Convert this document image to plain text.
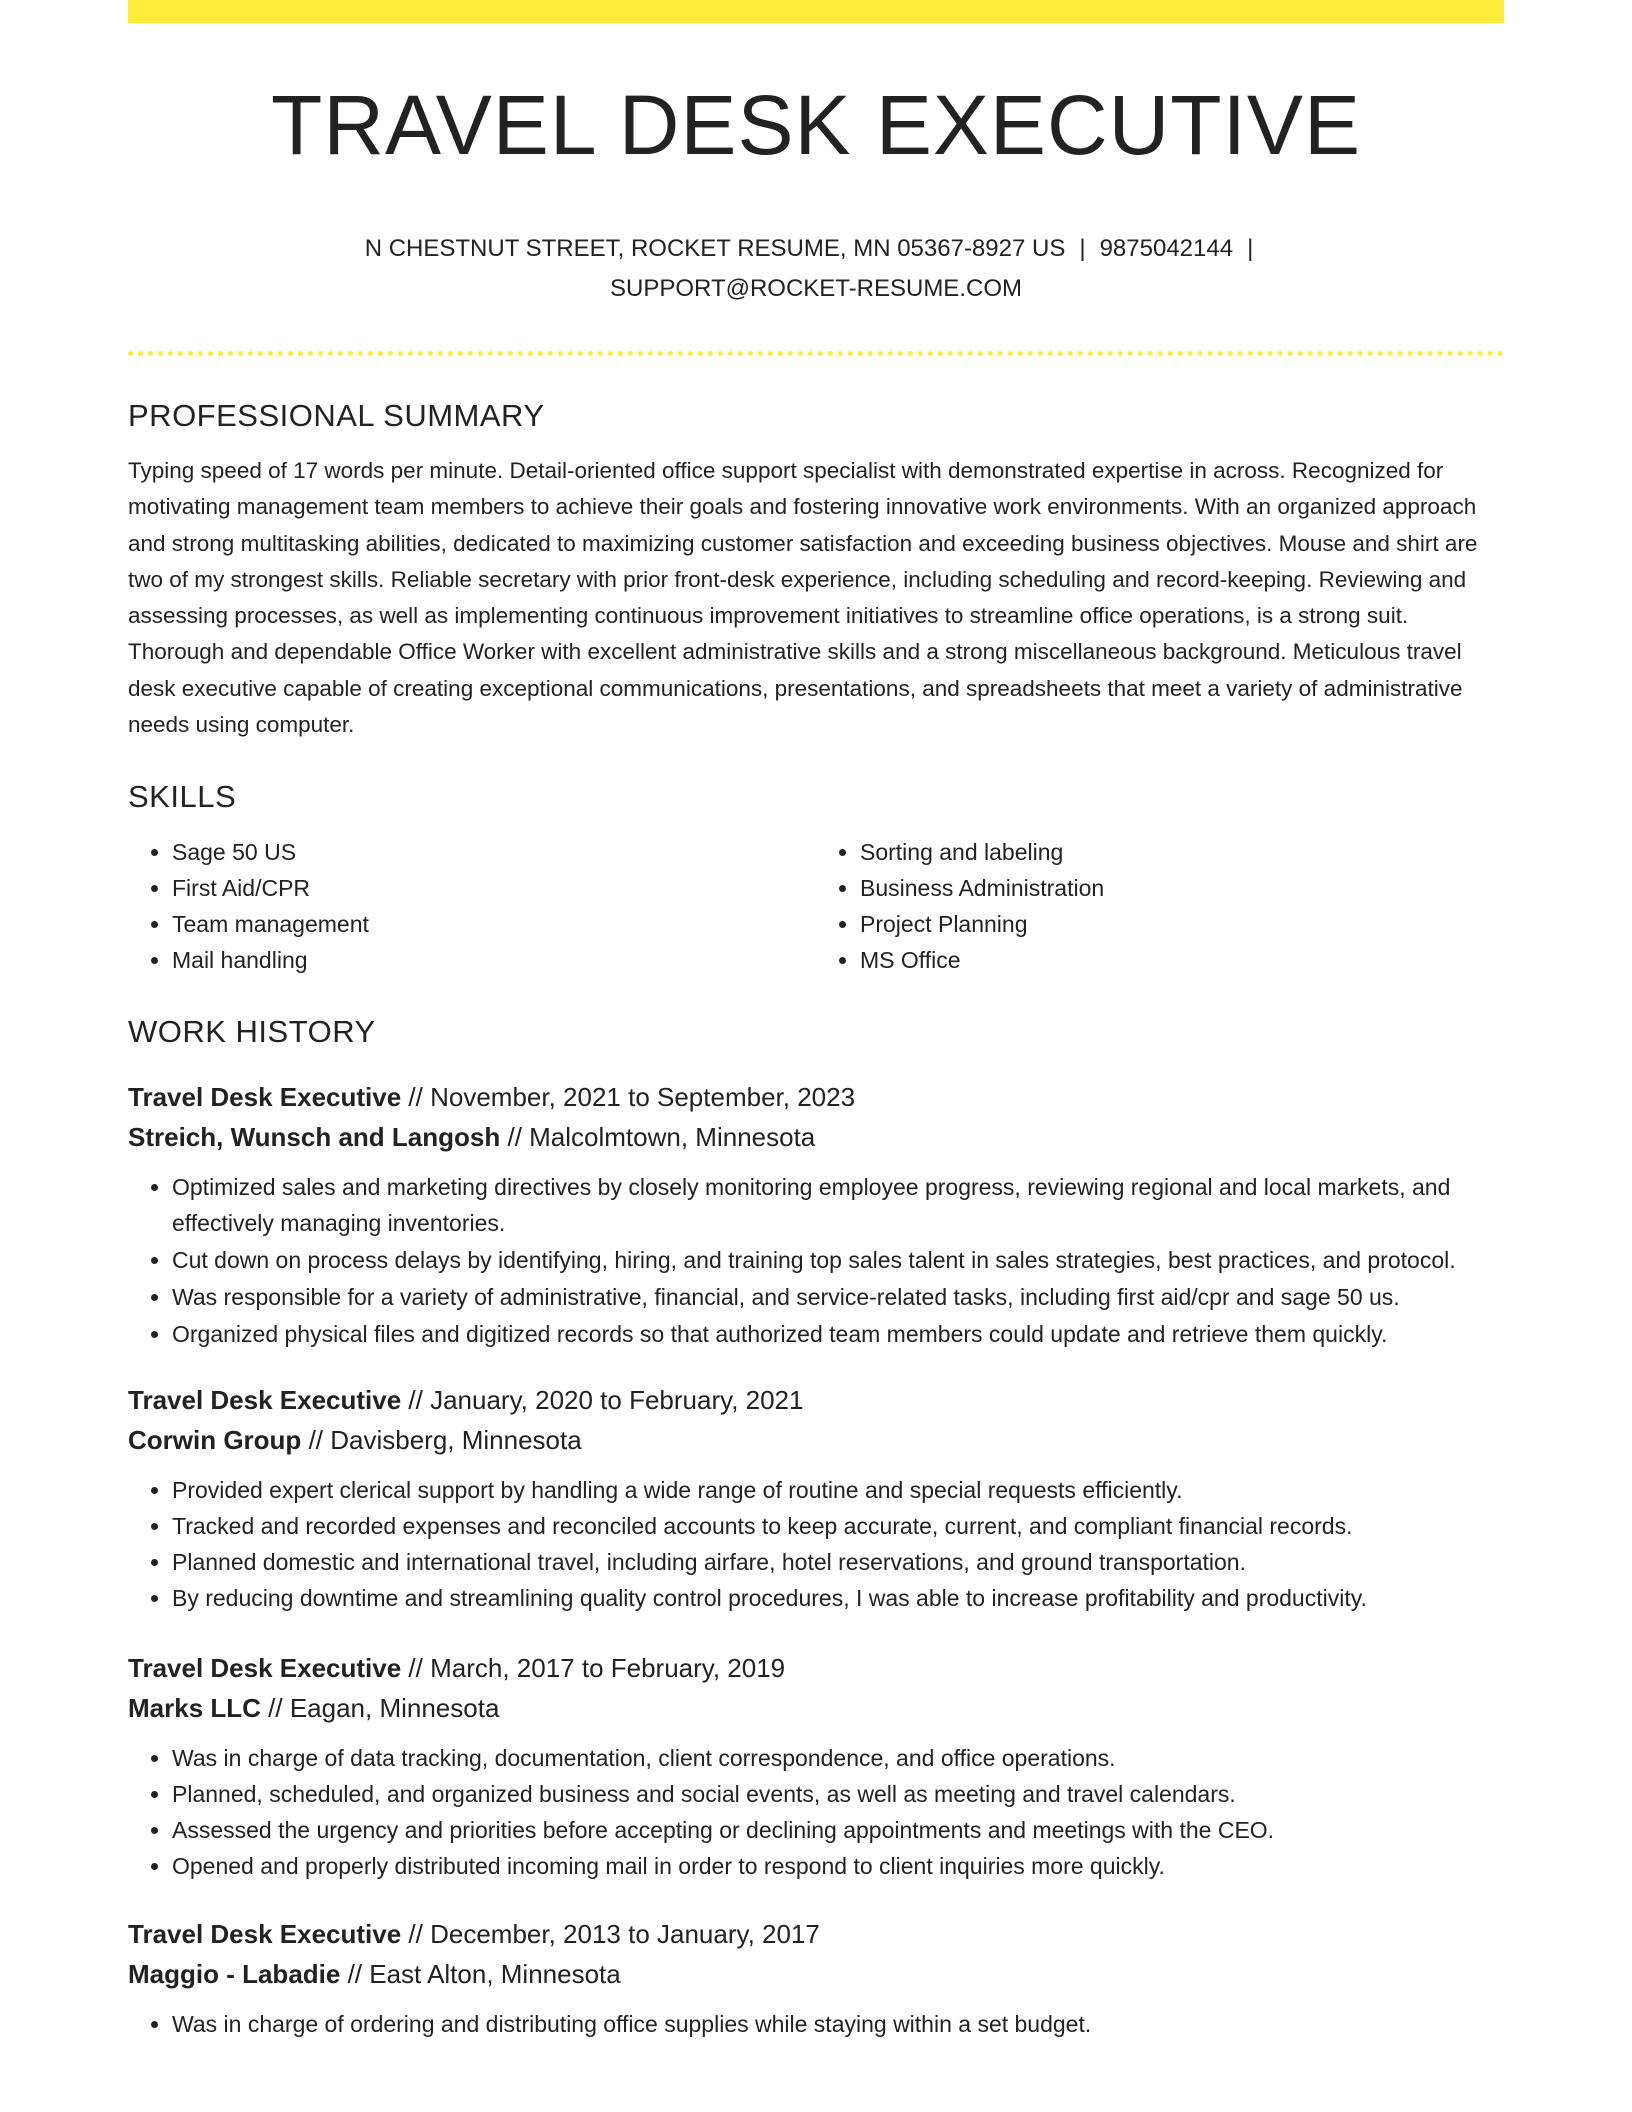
TRAVEL DESK EXECUTIVE
N CHESTNUT STREET, ROCKET RESUME, MN 05367-8927 US | 9875042144 |
SUPPORT@ROCKET-RESUME.COM
PROFESSIONAL SUMMARY

Typing speed of 17 words per minute. Detail-oriented office support specialist with demonstrated expertise in across. Recognized for motivating management team members to achieve their goals and fostering innovative work environments. With an organized approach and strong multitasking abilities, dedicated to maximizing customer satisfaction and exceeding business objectives. Mouse and shirt are two of my strongest skills. Reliable secretary with prior front-desk experience, including scheduling and record-keeping. Reviewing and assessing processes, as well as implementing continuous improvement initiatives to streamline office operations, is a strong suit. Thorough and dependable Office Worker with excellent administrative skills and a strong miscellaneous background. Meticulous travel desk executive capable of creating exceptional communications, presentations, and spreadsheets that meet a variety of administrative needs using computer.

SKILLS
• Sage 50 US
• First Aid/CPR
• Team management
• Mail handling
• Sorting and labeling
• Business Administration
• Project Planning
• MS Office
WORK HISTORY
Travel Desk Executive // November, 2021 to September, 2023
Streich, Wunsch and Langosh // Malcolmtown, Minnesota
• Optimized sales and marketing directives by closely monitoring employee progress, reviewing regional and local markets, and effectively managing inventories.
• Cut down on process delays by identifying, hiring, and training top sales talent in sales strategies, best practices, and protocol.
• Was responsible for a variety of administrative, financial, and service-related tasks, including first aid/cpr and sage 50 us.
• Organized physical files and digitized records so that authorized team members could update and retrieve them quickly.
Travel Desk Executive // January, 2020 to February, 2021
Corwin Group // Davisberg, Minnesota
• Provided expert clerical support by handling a wide range of routine and special requests efficiently.
• Tracked and recorded expenses and reconciled accounts to keep accurate, current, and compliant financial records.
• Planned domestic and international travel, including airfare, hotel reservations, and ground transportation.
• By reducing downtime and streamlining quality control procedures, I was able to increase profitability and productivity.
Travel Desk Executive // March, 2017 to February, 2019
Marks LLC // Eagan, Minnesota
• Was in charge of data tracking, documentation, client correspondence, and office operations.
• Planned, scheduled, and organized business and social events, as well as meeting and travel calendars.
• Assessed the urgency and priorities before accepting or declining appointments and meetings with the CEO.
• Opened and properly distributed incoming mail in order to respond to client inquiries more quickly.
Travel Desk Executive // December, 2013 to January, 2017
Maggio - Labadie // East Alton, Minnesota
• Was in charge of ordering and distributing office supplies while staying within a set budget.
